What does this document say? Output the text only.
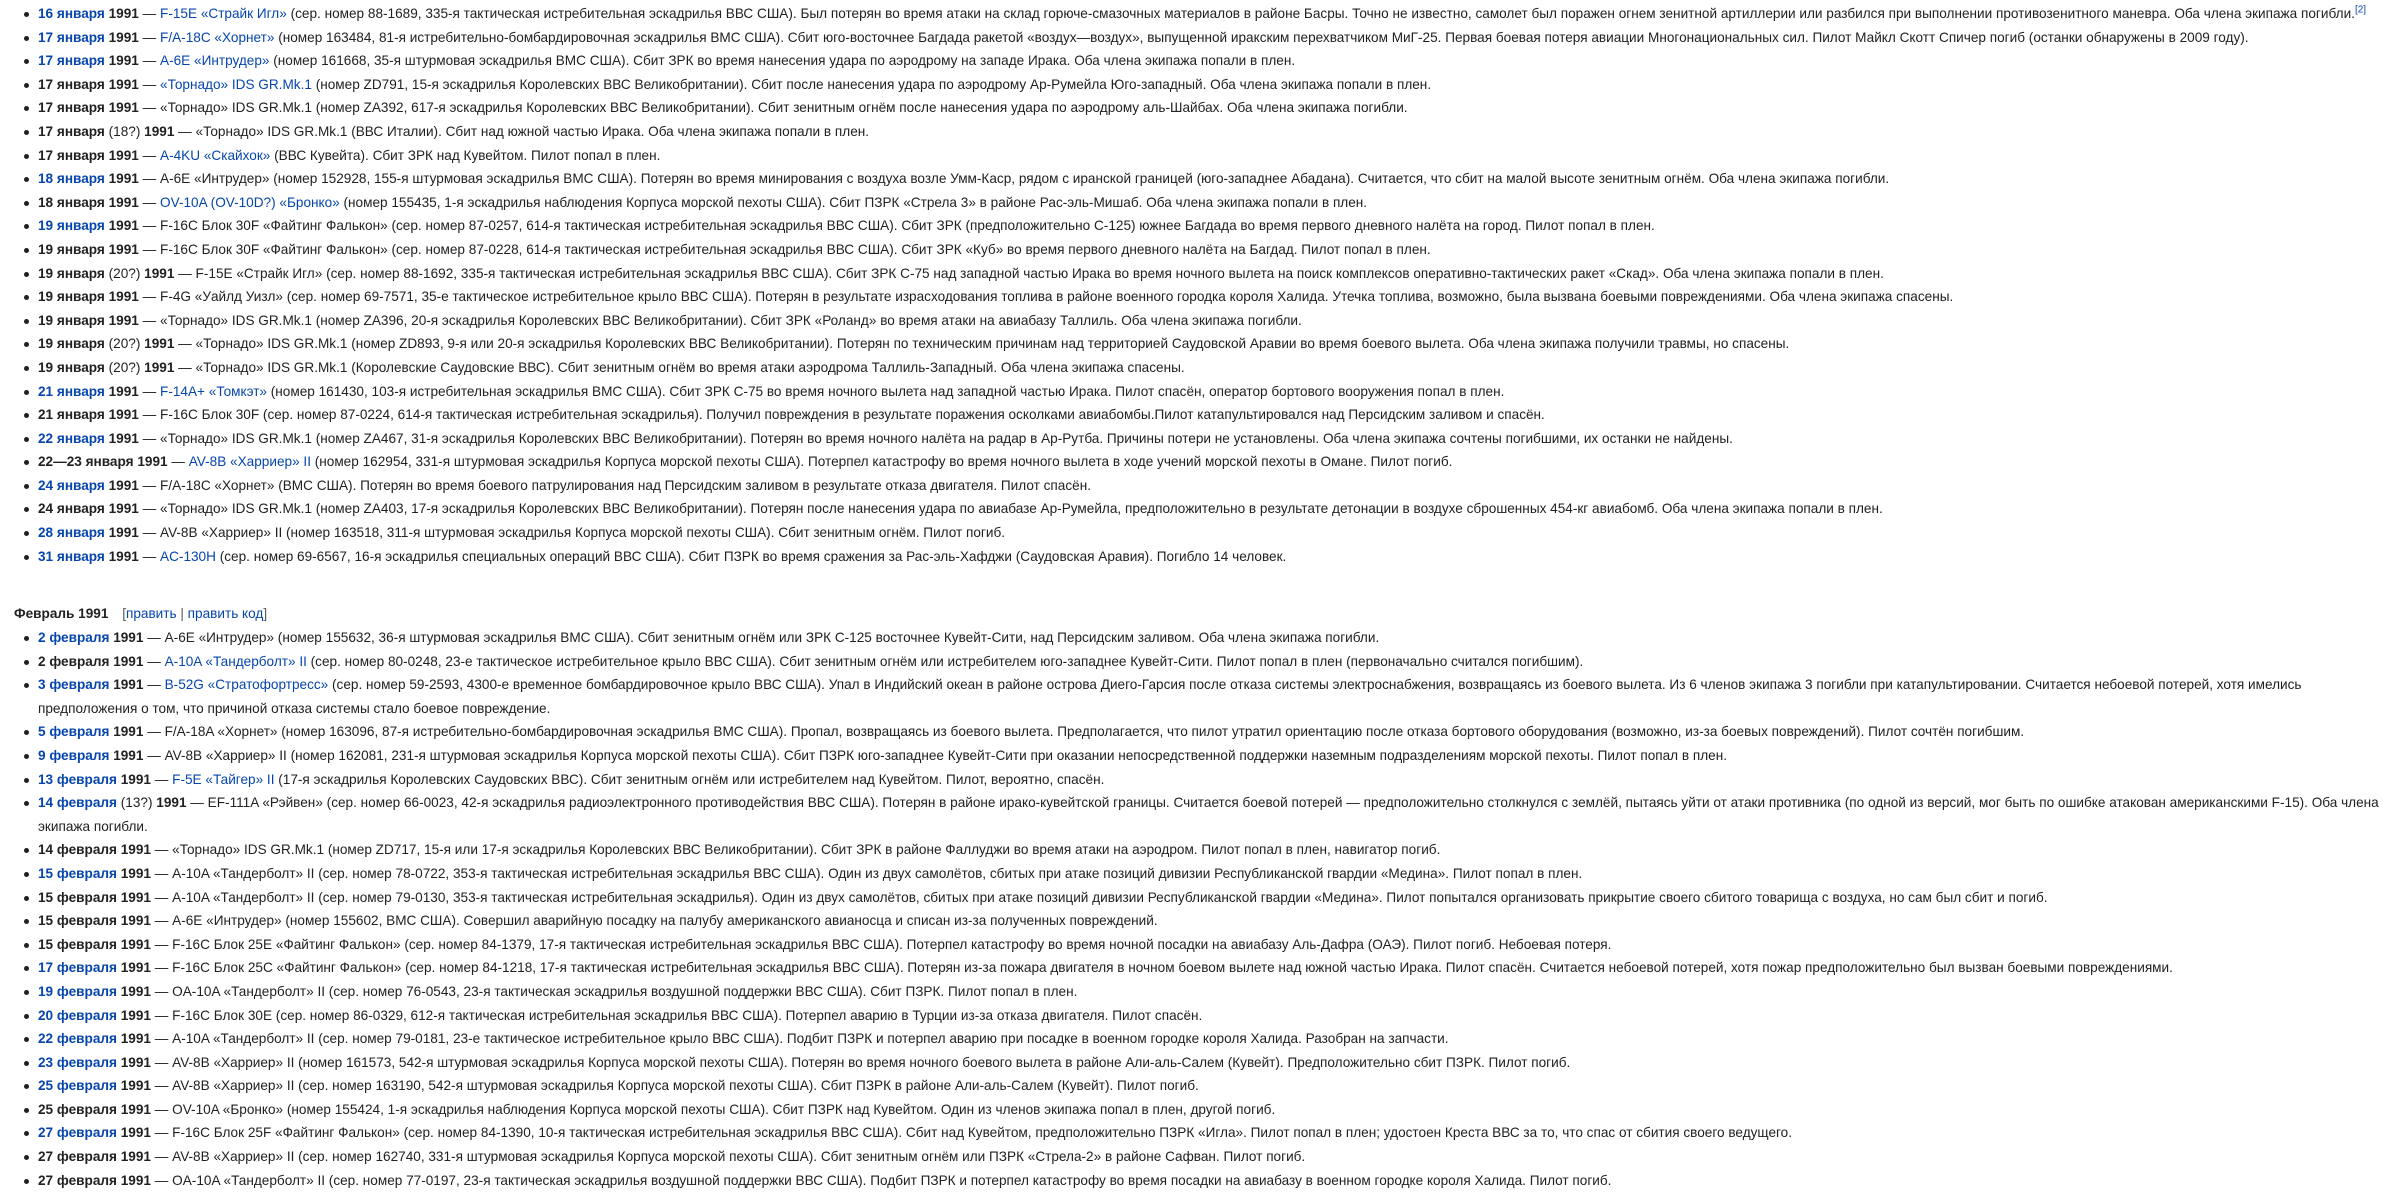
16 января 1991 — F-15E «Страйк Игл» (сер. номер 88-1689, 335-я тактическая истребительная эскадрилья ВВС США). Был потерян во время атаки на склад горюче-смазочных материалов в районе Басры. Точно не известно, самолет был поражен огнем зенитной артиллерии или разбился при выполнении противозенитного маневра. Оба члена экипажа погибли.[2]
17 января 1991 — F/A-18C «Хорнет» (номер 163484, 81-я истребительно-бомбардировочная эскадрилья ВМС США). Сбит юго-восточнее Багдада ракетой «воздух—воздух», выпущенной иракским перехватчиком МиГ-25. Первая боевая потеря авиации Многонациональных сил. Пилот Майкл Скотт Спичер погиб (останки обнаружены в 2009 году).
17 января 1991 — A-6E «Интрудер» (номер 161668, 35-я штурмовая эскадрилья ВМС США). Сбит ЗРК во время нанесения удара по аэродрому на западе Ирака. Оба члена экипажа попали в плен.
17 января 1991 — «Торнадо» IDS GR.Mk.1 (номер ZD791, 15-я эскадрилья Королевских ВВС Великобритании). Сбит после нанесения удара по аэродрому Ар-Румейла Юго-западный. Оба члена экипажа попали в плен.
17 января 1991 — «Торнадо» IDS GR.Mk.1 (номер ZA392, 617-я эскадрилья Королевских ВВС Великобритании). Сбит зенитным огнём после нанесения удара по аэродрому аль-Шайбах. Оба члена экипажа погибли.
17 января (18?) 1991 — «Торнадо» IDS GR.Mk.1 (ВВС Италии). Сбит над южной частью Ирака. Оба члена экипажа попали в плен.
17 января 1991 — A-4KU «Скайхок» (ВВС Кувейта). Сбит ЗРК над Кувейтом. Пилот попал в плен.
18 января 1991 — A-6E «Интрудер» (номер 152928, 155-я штурмовая эскадрилья ВМС США). Потерян во время минирования с воздуха возле Умм-Каср, рядом с иранской границей (юго-западнее Абадана). Считается, что сбит на малой высоте зенитным огнём. Оба члена экипажа погибли.
18 января 1991 — OV-10A (OV-10D?) «Бронко» (номер 155435, 1-я эскадрилья наблюдения Корпуса морской пехоты США). Сбит ПЗРК «Стрела 3» в районе Рас-эль-Мишаб. Оба члена экипажа попали в плен.
19 января 1991 — F-16C Блок 30F «Файтинг Фалькон» (сер. номер 87-0257, 614-я тактическая истребительная эскадрилья ВВС США). Сбит ЗРК (предположительно С-125) южнее Багдада во время первого дневного налёта на город. Пилот попал в плен.
19 января 1991 — F-16C Блок 30F «Файтинг Фалькон» (сер. номер 87-0228, 614-я тактическая истребительная эскадрилья ВВС США). Сбит ЗРК «Куб» во время первого дневного налёта на Багдад. Пилот попал в плен.
19 января (20?) 1991 — F-15E «Страйк Игл» (сер. номер 88-1692, 335-я тактическая истребительная эскадрилья ВВС США). Сбит ЗРК С-75 над западной частью Ирака во время ночного вылета на поиск комплексов оперативно-тактических ракет «Скад». Оба члена экипажа попали в плен.
19 января 1991 — F-4G «Уайлд Уизл» (сер. номер 69-7571, 35-е тактическое истребительное крыло ВВС США). Потерян в результате израсходования топлива в районе военного городка короля Халида. Утечка топлива, возможно, была вызвана боевыми повреждениями. Оба члена экипажа спасены.
19 января 1991 — «Торнадо» IDS GR.Mk.1 (номер ZA396, 20-я эскадрилья Королевских ВВС Великобритании). Сбит ЗРК «Роланд» во время атаки на авиабазу Таллиль. Оба члена экипажа погибли.
19 января (20?) 1991 — «Торнадо» IDS GR.Mk.1 (номер ZD893, 9-я или 20-я эскадрилья Королевских ВВС Великобритании). Потерян по техническим причинам над территорией Саудовской Аравии во время боевого вылета. Оба члена экипажа получили травмы, но спасены.
19 января (20?) 1991 — «Торнадо» IDS GR.Mk.1 (Королевские Саудовские ВВС). Сбит зенитным огнём во время атаки аэродрома Таллиль-Западный. Оба члена экипажа спасены.
21 января 1991 — F-14A+ «Томкэт» (номер 161430, 103-я истребительная эскадрилья ВМС США). Сбит ЗРК С-75 во время ночного вылета над западной частью Ирака. Пилот спасён, оператор бортового вооружения попал в плен.
21 января 1991 — F-16C Блок 30F (сер. номер 87-0224, 614-я тактическая истребительная эскадрилья). Получил повреждения в результате поражения осколками авиабомбы.Пилот катапультировался над Персидским заливом и спасён.
22 января 1991 — «Торнадо» IDS GR.Mk.1 (номер ZA467, 31-я эскадрилья Королевских ВВС Великобритании). Потерян во время ночного налёта на радар в Ар-Рутба. Причины потери не установлены. Оба члена экипажа сочтены погибшими, их останки не найдены.
22—23 января 1991 — AV-8B «Харриер» II (номер 162954, 331-я штурмовая эскадрилья Корпуса морской пехоты США). Потерпел катастрофу во время ночного вылета в ходе учений морской пехоты в Омане. Пилот погиб.
24 января 1991 — F/A-18C «Хорнет» (ВМС США). Потерян во время боевого патрулирования над Персидским заливом в результате отказа двигателя. Пилот спасён.
24 января 1991 — «Торнадо» IDS GR.Mk.1 (номер ZA403, 17-я эскадрилья Королевских ВВС Великобритании). Потерян после нанесения удара по авиабазе Ар-Румейла, предположительно в результате детонации в воздухе сброшенных 454-кг авиабомб. Оба члена экипажа попали в плен.
28 января 1991 — AV-8B «Харриер» II (номер 163518, 311-я штурмовая эскадрилья Корпуса морской пехоты США). Сбит зенитным огнём. Пилот погиб.
31 января 1991 — AC-130H (сер. номер 69-6567, 16-я эскадрилья специальных операций ВВС США). Сбит ПЗРК во время сражения за Рас-эль-Хафджи (Саудовская Аравия). Погибло 14 человек.
Февраль 1991 [править | править код]
2 февраля 1991 — A-6E «Интрудер» (номер 155632, 36-я штурмовая эскадрилья ВМС США). Сбит зенитным огнём или ЗРК С-125 восточнее Кувейт-Сити, над Персидским заливом. Оба члена экипажа погибли.
2 февраля 1991 — A-10A «Тандерболт» II (сер. номер 80-0248, 23-е тактическое истребительное крыло ВВС США). Сбит зенитным огнём или истребителем юго-западнее Кувейт-Сити. Пилот попал в плен (первоначально считался погибшим).
3 февраля 1991 — B-52G «Стратофортресс» (сер. номер 59-2593, 4300-е временное бомбардировочное крыло ВВС США). Упал в Индийский океан в районе острова Диего-Гарсия после отказа системы электроснабжения, возвращаясь из боевого вылета. Из 6 членов экипажа 3 погибли при катапультировании. Считается небоевой потерей, хотя имелись предположения о том, что причиной отказа системы стало боевое повреждение.
5 февраля 1991 — F/A-18A «Хорнет» (номер 163096, 87-я истребительно-бомбардировочная эскадрилья ВМС США). Пропал, возвращаясь из боевого вылета. Предполагается, что пилот утратил ориентацию после отказа бортового оборудования (возможно, из-за боевых повреждений). Пилот сочтён погибшим.
9 февраля 1991 — AV-8B «Харриер» II (номер 162081, 231-я штурмовая эскадрилья Корпуса морской пехоты США). Сбит ПЗРК юго-западнее Кувейт-Сити при оказании непосредственной поддержки наземным подразделениям морской пехоты. Пилот попал в плен.
13 февраля 1991 — F-5E «Тайгер» II (17-я эскадрилья Королевских Саудовских ВВС). Сбит зенитным огнём или истребителем над Кувейтом. Пилот, вероятно, спасён.
14 февраля (13?) 1991 — EF-111A «Рэйвен» (сер. номер 66-0023, 42-я эскадрилья радиоэлектронного противодействия ВВС США). Потерян в районе ирако-кувейтской границы. Считается боевой потерей — предположительно столкнулся с землёй, пытаясь уйти от атаки противника (по одной из версий, мог быть по ошибке атакован американскими F-15). Оба члена экипажа погибли.
14 февраля 1991 — «Торнадо» IDS GR.Mk.1 (номер ZD717, 15-я или 17-я эскадрилья Королевских ВВС Великобритании). Сбит ЗРК в районе Фаллуджи во время атаки на аэродром. Пилот попал в плен, навигатор погиб.
15 февраля 1991 — A-10A «Тандерболт» II (сер. номер 78-0722, 353-я тактическая истребительная эскадрилья ВВС США). Один из двух самолётов, сбитых при атаке позиций дивизии Республиканской гвардии «Медина». Пилот попал в плен.
15 февраля 1991 — A-10A «Тандерболт» II (сер. номер 79-0130, 353-я тактическая истребительная эскадрилья). Один из двух самолётов, сбитых при атаке позиций дивизии Республиканской гвардии «Медина». Пилот попытался организовать прикрытие своего сбитого товарища с воздуха, но сам был сбит и погиб.
15 февраля 1991 — A-6E «Интрудер» (номер 155602, ВМС США). Совершил аварийную посадку на палубу американского авианосца и списан из-за полученных повреждений.
15 февраля 1991 — F-16C Блок 25E «Файтинг Фалькон» (сер. номер 84-1379, 17-я тактическая истребительная эскадрилья ВВС США). Потерпел катастрофу во время ночной посадки на авиабазу Аль-Дафра (ОАЭ). Пилот погиб. Небоевая потеря.
17 февраля 1991 — F-16C Блок 25C «Файтинг Фалькон» (сер. номер 84-1218, 17-я тактическая истребительная эскадрилья ВВС США). Потерян из-за пожара двигателя в ночном боевом вылете над южной частью Ирака. Пилот спасён. Считается небоевой потерей, хотя пожар предположительно был вызван боевыми повреждениями.
19 февраля 1991 — OA-10A «Тандерболт» II (сер. номер 76-0543, 23-я тактическая эскадрилья воздушной поддержки ВВС США). Сбит ПЗРК. Пилот попал в плен.
20 февраля 1991 — F-16C Блок 30E (сер. номер 86-0329, 612-я тактическая истребительная эскадрилья ВВС США). Потерпел аварию в Турции из-за отказа двигателя. Пилот спасён.
22 февраля 1991 — A-10A «Тандерболт» II (сер. номер 79-0181, 23-е тактическое истребительное крыло ВВС США). Подбит ПЗРК и потерпел аварию при посадке в военном городке короля Халида. Разобран на запчасти.
23 февраля 1991 — AV-8B «Харриер» II (номер 161573, 542-я штурмовая эскадрилья Корпуса морской пехоты США). Потерян во время ночного боевого вылета в районе Али-аль-Салем (Кувейт). Предположительно сбит ПЗРК. Пилот погиб.
25 февраля 1991 — AV-8B «Харриер» II (сер. номер 163190, 542-я штурмовая эскадрилья Корпуса морской пехоты США). Сбит ПЗРК в районе Али-аль-Салем (Кувейт). Пилот погиб.
25 февраля 1991 — OV-10A «Бронко» (номер 155424, 1-я эскадрилья наблюдения Корпуса морской пехоты США). Сбит ПЗРК над Кувейтом. Один из членов экипажа попал в плен, другой погиб.
27 февраля 1991 — F-16C Блок 25F «Файтинг Фалькон» (сер. номер 84-1390, 10-я тактическая истребительная эскадрилья ВВС США). Сбит над Кувейтом, предположительно ПЗРК «Игла». Пилот попал в плен; удостоен Креста ВВС за то, что спас от сбития своего ведущего.
27 февраля 1991 — AV-8B «Харриер» II (сер. номер 162740, 331-я штурмовая эскадрилья Корпуса морской пехоты США). Сбит зенитным огнём или ПЗРК «Стрела-2» в районе Сафван. Пилот погиб.
27 февраля 1991 — OA-10A «Тандерболт» II (сер. номер 77-0197, 23-я тактическая эскадрилья воздушной поддержки ВВС США). Подбит ПЗРК и потерпел катастрофу во время посадки на авиабазу в военном городке короля Халида. Пилот погиб.
